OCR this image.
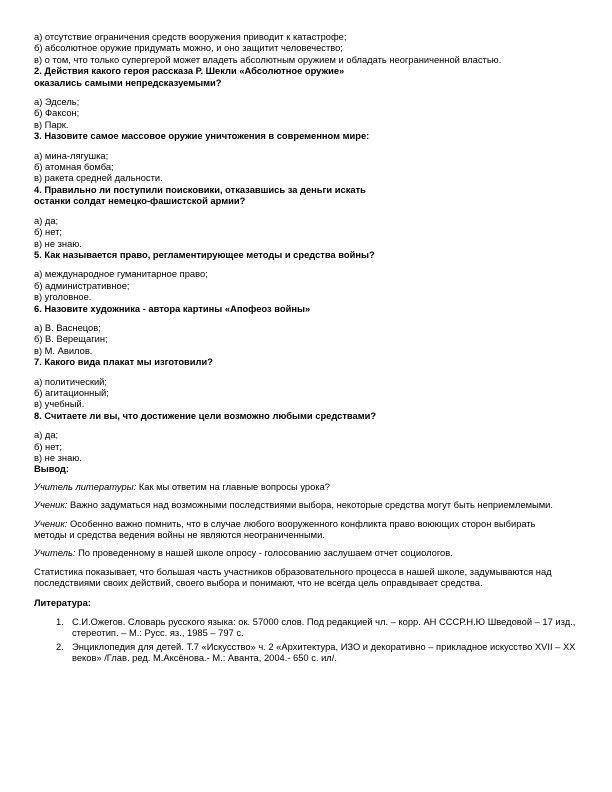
а) отсутствие ограничения средств вооружения приводит к катастрофе;

б) абсолютное оружие придумать можно, и оно защитит человечество;

в) о том, что только супергерой может владеть абсолютным оружием и обладать неограниченной властью.

2. Действия какого героя рассказа Р. Шекли «Абсолютное оружие»

оказались самыми непредсказуемыми?

а) Эдсель;

б) Факсон;

в) Парк.

3. Назовите самое массовое оружие уничтожения в современном мире:

а) мина-лягушка;

б) атомная бомба;

в) ракета средней дальности.

4. Правильно ли поступили поисковики, отказавшись за деньги искать

останки солдат немецко-фашистской армии?

а) да;

б) нет;

в) не знаю.

5. Как называется право, регламентирующее методы и средства войны?

а) международное гуманитарное право;

б) административное;

в) уголовное.

6. Назовите художника - автора картины «Апофеоз войны»

а) В. Васнецов;

б) В. Верещагин;

в) М. Авилов.

7. Какого вида плакат мы изготовили?

а) политический;

б) агитационный;

в) учебный.

8. Считаете ли вы, что достижение цели возможно любыми средствами?

а) да;

б) нет;

в) не знаю.

Вывод:

Учитель литературы: Как мы ответим на главные вопросы урока?

Ученик: Важно задуматься над возможными последствиями выбора, некоторые средства могут быть неприемлемыми.

Ученик: Особенно важно помнить, что в случае любого вооруженного конфликта право воюющих сторон выбирать методы и средства ведения войны не являются неограниченными.

Учитель: По проведенному в нашей школе опросу - голосованию заслушаем отчет социологов.

Статистика показывает, что большая часть участников образовательного процесса в нашей школе, задумываются над последствиями своих действий, своего выбора и понимают, что не всегда цель оправдывает средства.

Литература:

1. С.И.Ожегов. Словарь русского языка: ок. 57000 слов. Под редакцией чл. – корр. АН СССР.Н.Ю Шведовой – 17 изд., стереотип. – М.: Русс. яз., 1985 – 797 с.
2. Энциклопедия для детей. Т.7 «Искусство» ч. 2 «Архитектура, ИЗО и декоративно – прикладное искусство XVII – XX веков» /Глав. ред. М.Аксёнова.- М.: Аванта, 2004.- 650 с. ил/.
